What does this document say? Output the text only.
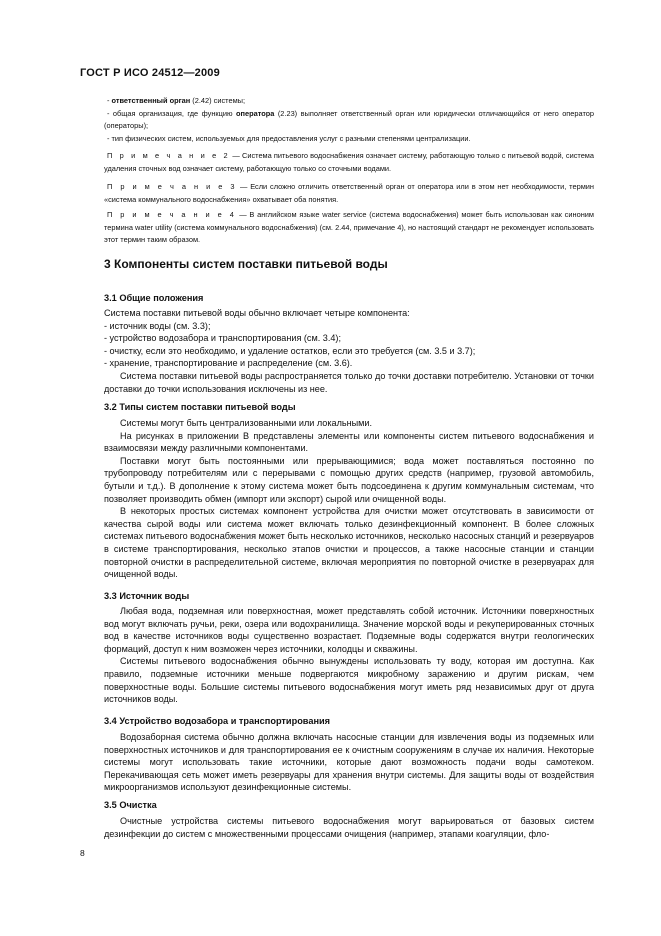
ГОСТ Р ИСО 24512—2009

- ответственный орган (2.42) системы;

- общая организация, где функцию оператора (2.23) выполняет ответственный орган или юридически отличающийся от него оператор (операторы);

- тип физических систем, используемых для предоставления услуг с разными степенями централизации.

П р и м е ч а н и е 2 — Система питьевого водоснабжения означает систему, работающую только с питьевой водой, система удаления сточных вод означает систему, работающую только со сточными водами.

П р и м е ч а н и е 3 — Если сложно отличить ответственный орган от оператора или в этом нет необходимости, термин «система коммунального водоснабжения» охватывает оба понятия.

П р и м е ч а н и е 4 — В английском языке water service (система водоснабжения) может быть использован как синоним термина water utility (система коммунального водоснабжения) (см. 2.44, примечание 4), но настоящий стандарт не рекомендует использовать этот термин таким образом.

3 Компоненты систем поставки питьевой воды
3.1 Общие положения

Система поставки питьевой воды обычно включает четыре компонента:

- источник воды (см. 3.3);

- устройство водозабора и транспортирования (см. 3.4);

- очистку, если это необходимо, и удаление остатков, если это требуется (см. 3.5 и 3.7);

- хранение, транспортирование и распределение (см. 3.6).

Система поставки питьевой воды распространяется только до точки доставки потребителю. Установки от точки доставки до точки использования исключены из нее.

3.2 Типы систем поставки питьевой воды

Системы могут быть централизованными или локальными.

На рисунках в приложении В представлены элементы или компоненты систем питьевого водоснабжения и взаимосвязи между различными компонентами.

Поставки могут быть постоянными или прерывающимися; вода может поставляться постоянно по трубопроводу потребителям или с перерывами с помощью других средств (например, грузовой автомобиль, бутыли и т.д.). В дополнение к этому система может быть подсоединена к другим коммунальным системам, что позволяет производить обмен (импорт или экспорт) сырой или очищенной воды.

В некоторых простых системах компонент устройства для очистки может отсутствовать в зависимости от качества сырой воды или система может включать только дезинфекционный компонент. В более сложных системах питьевого водоснабжения может быть несколько источников, несколько насосных станций и резервуаров в системе транспортирования, несколько этапов очистки и процессов, а также насосные станции и станции повторной очистки в распределительной системе, включая мероприятия по повторной очистке в резервуарах для очищенной воды.

3.3 Источник воды

Любая вода, подземная или поверхностная, может представлять собой источник. Источники поверхностных вод могут включать ручьи, реки, озера или водохранилища. Значение морской воды и рекуперированных сточных вод в качестве источников воды существенно возрастает. Подземные воды содержатся внутри геологических формаций, доступ к ним возможен через источники, колодцы и скважины.

Системы питьевого водоснабжения обычно вынуждены использовать ту воду, которая им доступна. Как правило, подземные источники меньше подвергаются микробному заражению и другим рискам, чем поверхностные воды. Большие системы питьевого водоснабжения могут иметь ряд независимых друг от друга источников воды.

3.4 Устройство водозабора и транспортирования

Водозаборная система обычно должна включать насосные станции для извлечения воды из подземных или поверхностных источников и для транспортирования ее к очистным сооружениям в случае их наличия. Некоторые системы могут использовать такие источники, которые дают возможность подачи воды самотеком. Перекачивающая сеть может иметь резервуары для хранения внутри системы. Для защиты воды от воздействия микроорганизмов используют дезинфекционные системы.

3.5 Очистка

Очистные устройства системы питьевого водоснабжения могут варьироваться от базовых систем дезинфекции до систем с множественными процессами очищения (например, этапами коагуляции, фло-

8
